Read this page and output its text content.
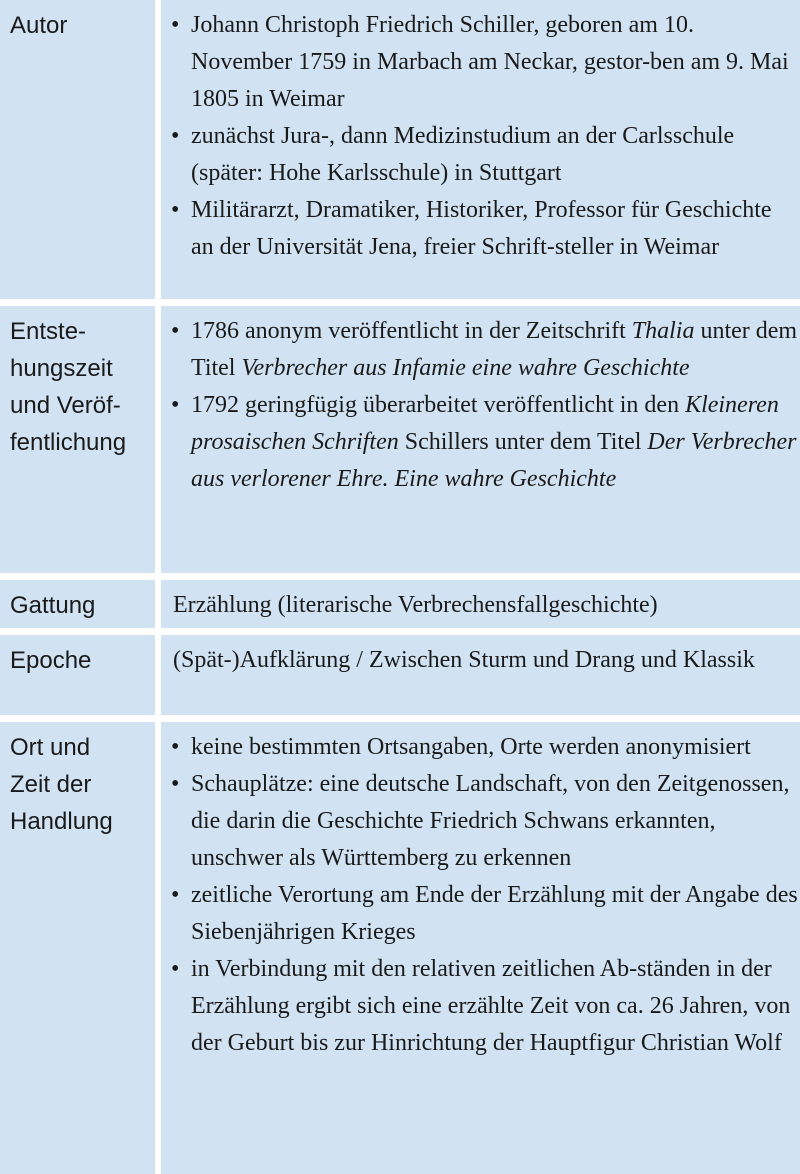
Autor
•	Johann Christoph Friedrich Schiller, geboren am 10. November 1759 in Marbach am Neckar, gestor-ben am 9. Mai 1805 in Weimar
• zunächst Jura-, dann Medizinstudium an der Carlsschule (später: Hohe Karlsschule) in Stuttgart
• Militärarzt, Dramatiker, Historiker, Professor für Geschichte an der Universität Jena, freier Schrift-steller in Weimar
Entste-
hungszeit
und Veröf-
fentlichung
• 1786 anonym veröffentlicht in der Zeitschrift Thalia unter dem Titel Verbrecher aus Infamie eine wahre Geschichte
• 1792 geringfügig überarbeitet veröffentlicht in den Kleineren prosaischen Schriften Schillers unter dem Titel Der Verbrecher aus verlorener Ehre. Eine wahre Geschichte
Gattung	Erzählung (literarische Verbrechensfallgeschichte)
Epoche	(Spät-)Aufklärung / Zwischen Sturm und Drang und Klassik
Ort und
Zeit der
Handlung
• keine bestimmten Ortsangaben, Orte werden anonymisiert
• Schauplätze: eine deutsche Landschaft, von den Zeitgenossen, die darin die Geschichte Friedrich Schwans erkannten, unschwer als Württemberg zu erkennen
• zeitliche Verortung am Ende der Erzählung mit der Angabe des Siebenjährigen Krieges
• in Verbindung mit den relativen zeitlichen Ab-ständen in der Erzählung ergibt sich eine erzählte Zeit von ca. 26 Jahren, von der Geburt bis zur Hinrichtung der Hauptfigur Christian Wolf
